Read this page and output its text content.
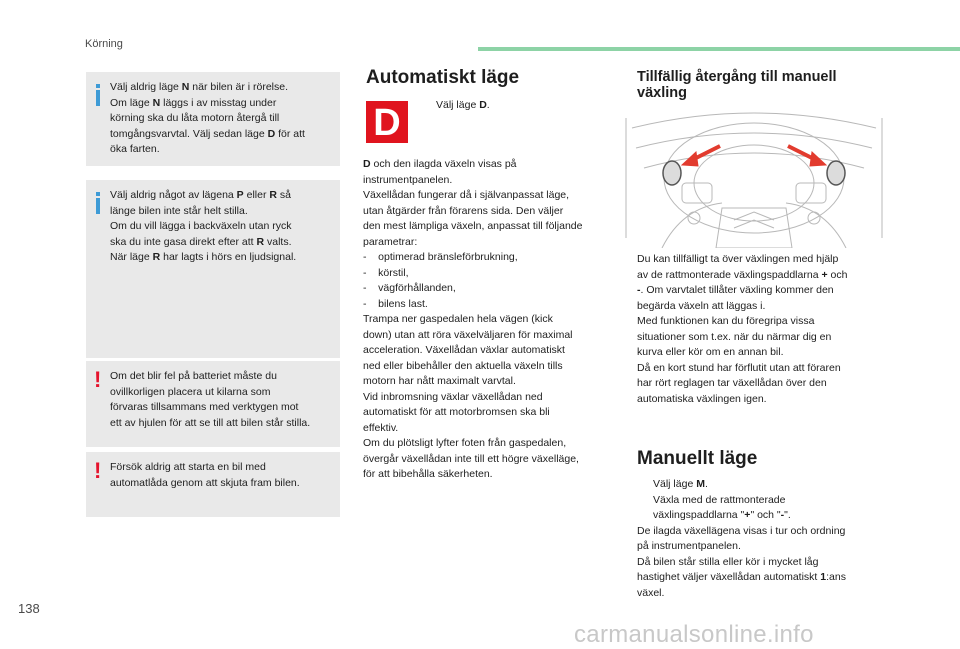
Körning

Välj aldrig läge N när bilen är i rörelse.

Om läge N läggs i av misstag under

körning ska du låta motorn återgå till

tomgångsvarvtal. Välj sedan läge D för att

öka farten.

Välj aldrig något av lägena P eller R så

länge bilen inte står helt stilla.

Om du vill lägga i backväxeln utan ryck

ska du inte gasa direkt efter att R valts.

När läge R har lagts i hörs en ljudsignal.

! Om det blir fel på batteriet måste du

ovillkorligen placera ut kilarna som

förvaras tillsammans med verktygen mot

ett av hjulen för att se till att bilen står stilla.

! Försök aldrig att starta en bil med

automatlåda genom att skjuta fram bilen.

Automatiskt läge
D	Välj läge D.

D och den ilagda växeln visas på

instrumentpanelen.

Växellådan fungerar då i självanpassat läge,

utan åtgärder från förarens sida. Den väljer

den mest lämpliga växeln, anpassat till följande

parametrar:

-    optimerad bränsleförbrukning,

-    körstil,

-    vägförhållanden,

-    bilens last.

Trampa ner gaspedalen hela vägen (kick

down) utan att röra växelväljaren för maximal

acceleration. Växellådan växlar automatiskt

ned eller bibehåller den aktuella växeln tills

motorn har nått maximalt varvtal.

Vid inbromsning växlar växellådan ned

automatiskt för att motorbromsen ska bli

effektiv.

Om du plötsligt lyfter foten från gaspedalen,

övergår växellådan inte till ett högre växelläge,

för att bibehålla säkerheten.

Tillfällig återgång till manuell
växling

Du kan tillfälligt ta över växlingen med hjälp

av de rattmonterade växlingspaddlarna + och

-. Om varvtalet tillåter växling kommer den

begärda växeln att läggas i.

Med funktionen kan du föregripa vissa

situationer som t.ex. när du närmar dig en

kurva eller kör om en annan bil.

Då en kort stund har förflutit utan att föraren

har rört reglagen tar växellådan över den

automatiska växlingen igen.

Manuellt läge
Välj läge M.
Växla med de rattmonterade
växlingspaddlarna "+" och "-".

De ilagda växellägena visas i tur och ordning

på instrumentpanelen.

Då bilen står stilla eller kör i mycket låg

hastighet väljer växellådan automatiskt 1:ans

växel.

138
carmanualsonline.info
